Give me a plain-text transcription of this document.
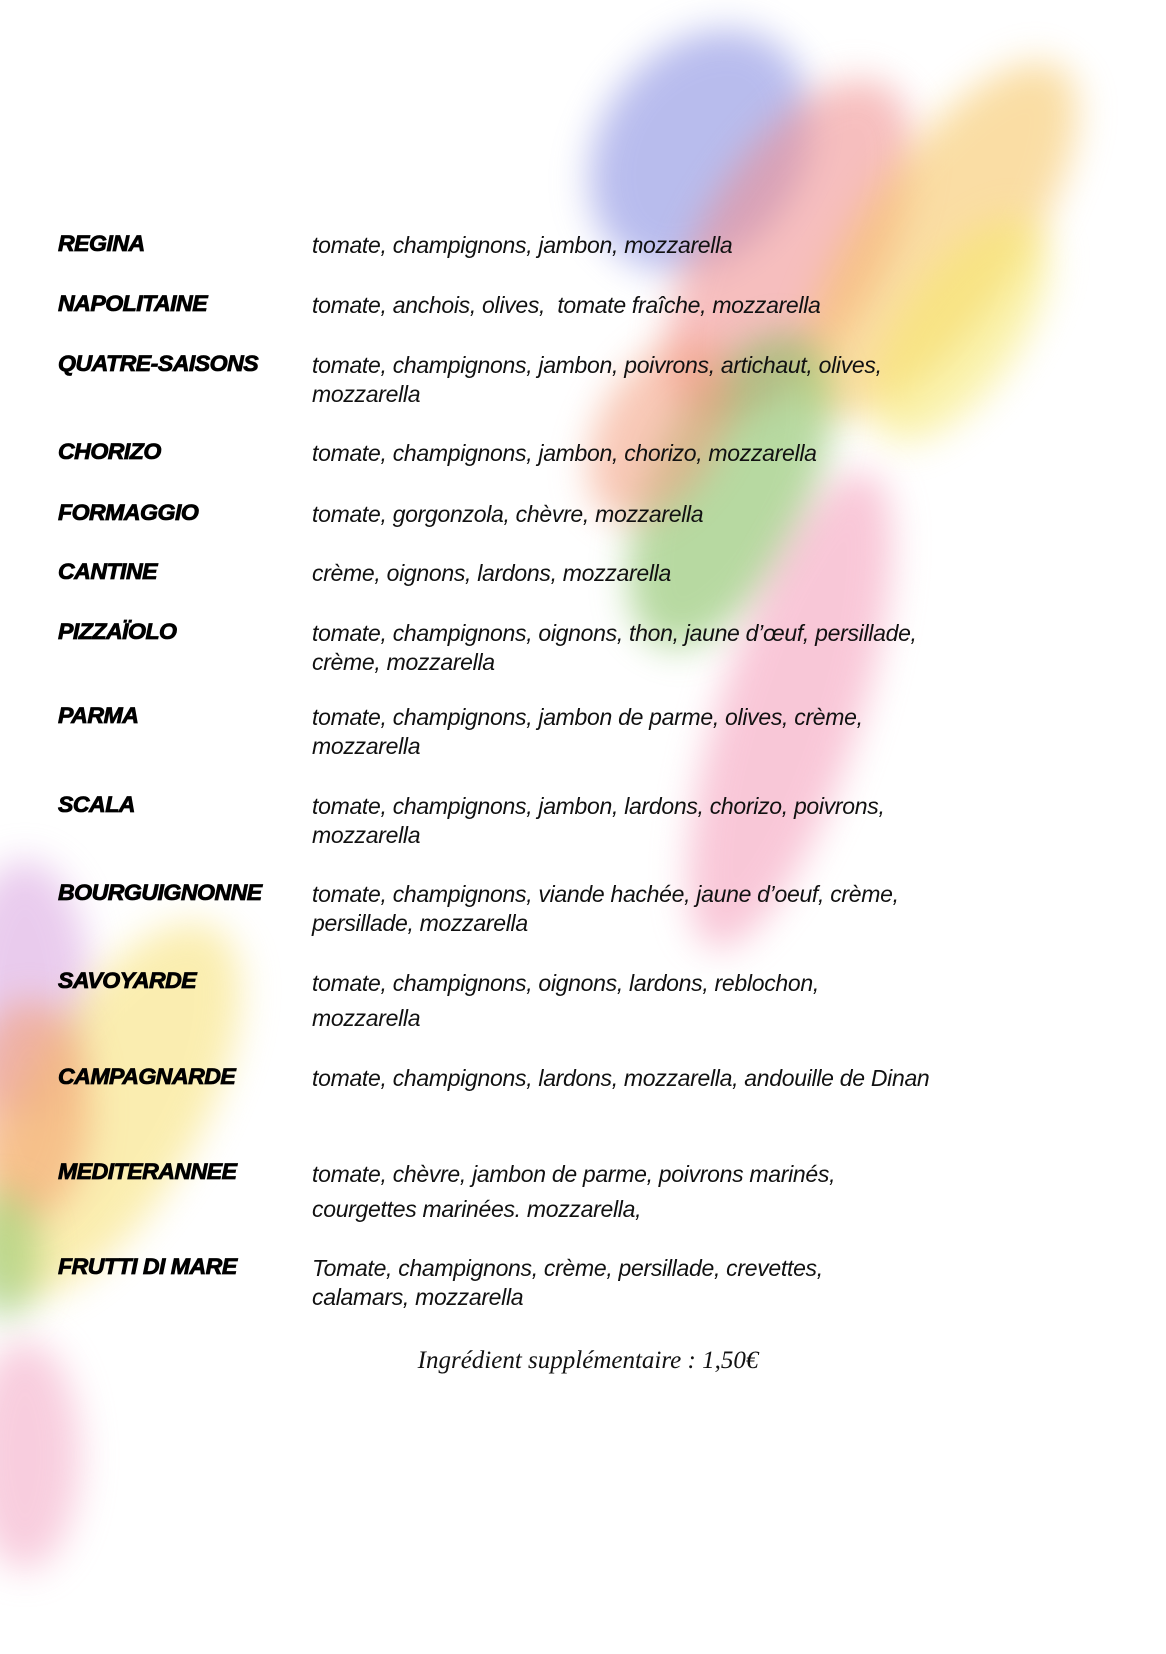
REGINA	tomate, champignons, jambon, mozzarella
NAPOLITAINE	tomate, anchois, olives,  tomate fraîche, mozzarella
QUATRE-SAISONS tomate, champignons, jambon, poivrons, artichaut, olives,
mozzarella
CHORIZO	tomate, champignons, jambon, chorizo, mozzarella
FORMAGGIO	tomate, gorgonzola, chèvre, mozzarella
CANTINE	crème, oignons, lardons, mozzarella
PIZZAÏOLO	tomate, champignons, oignons, thon, jaune d’œuf, persillade,
crème, mozzarella
PARMA	tomate, champignons, jambon de parme, olives, crème,
mozzarella
SCALA	tomate, champignons, jambon, lardons, chorizo, poivrons,
mozzarella
BOURGUIGNONNE tomate, champignons, viande hachée, jaune d’oeuf, crème,
persillade, mozzarella
SAVOYARDE	tomate, champignons, oignons, lardons, reblochon,
mozzarella
CAMPAGNARDE	tomate, champignons, lardons, mozzarella, andouille de Dinan
MEDITERANNEE	tomate, chèvre, jambon de parme, poivrons marinés,
courgettes marinées. mozzarella,
FRUTTI DI MARE	Tomate, champignons, crème, persillade, crevettes,
calamars, mozzarella
Ingrédient supplémentaire : 1,50€
